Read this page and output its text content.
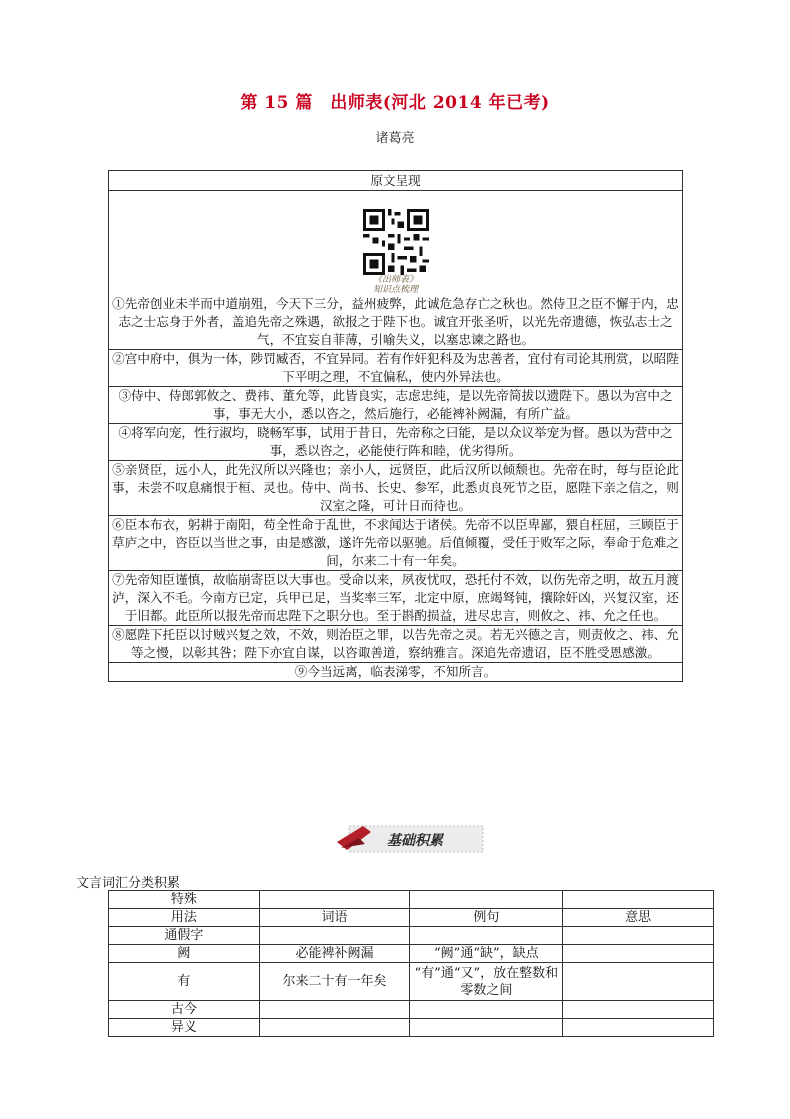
第 15 篇　出师表(河北 2014 年已考)
诸葛亮
原文呈现

《出师表》
知识点梳理
①先帝创业未半而中道崩殂，今天下三分，益州疲弊，此诚危急存亡之秋也。然侍卫之臣不懈于内，忠志之士忘身于外者，盖追先帝之殊遇，欲报之于陛下也。诚宜开张圣听，以光先帝遗德，恢弘志士之气，不宜妄自菲薄，引喻失义，以塞忠谏之路也。

②宫中府中，俱为一体，陟罚臧否，不宜异同。若有作奸犯科及为忠善者，宜付有司论其刑赏，以昭陛下平明之理，不宜偏私，使内外异法也。
③侍中、侍郎郭攸之、费祎、董允等，此皆良实，志虑忠纯，是以先帝简拔以遗陛下。愚以为宫中之事，事无大小，悉以咨之，然后施行，必能裨补阙漏，有所广益。
④将军向宠，性行淑均，晓畅军事，试用于昔日，先帝称之曰能，是以众议举宠为督。愚以为营中之事，悉以咨之，必能使行阵和睦，优劣得所。
⑤亲贤臣，远小人，此先汉所以兴隆也；亲小人，远贤臣，此后汉所以倾颓也。先帝在时，每与臣论此事，未尝不叹息痛恨于桓、灵也。侍中、尚书、长史、参军，此悉贞良死节之臣，愿陛下亲之信之，则汉室之隆，可计日而待也。
⑥臣本布衣，躬耕于南阳，苟全性命于乱世，不求闻达于诸侯。先帝不以臣卑鄙，猥自枉屈，三顾臣于草庐之中，咨臣以当世之事，由是感激，遂许先帝以驱驰。后值倾覆，受任于败军之际，奉命于危难之间，尔来二十有一年矣。
⑦先帝知臣谨慎，故临崩寄臣以大事也。受命以来，夙夜忧叹，恐托付不效，以伤先帝之明，故五月渡泸，深入不毛。今南方已定，兵甲已足，当奖率三军，北定中原，庶竭驽钝，攘除奸凶，兴复汉室，还于旧都。此臣所以报先帝而忠陛下之职分也。至于斟酌损益，进尽忠言，则攸之、祎、允之任也。
⑧愿陛下托臣以讨贼兴复之效，不效，则治臣之罪，以告先帝之灵。若无兴德之言，则责攸之、祎、允等之慢，以彰其咎；陛下亦宜自谋，以咨诹善道，察纳雅言。深追先帝遗诏，臣不胜受恩感激。
⑨今当远离，临表涕零，不知所言。
基础积累
文言词汇分类积累
特殊			
用法	词语	例句	意思
通假字			
阙	必能裨补阙漏	“阙”通“缺”，缺点	
有	尔来二十有一年矣	“有”通“又”，放在整数和零数之间	
古今			
异义			
